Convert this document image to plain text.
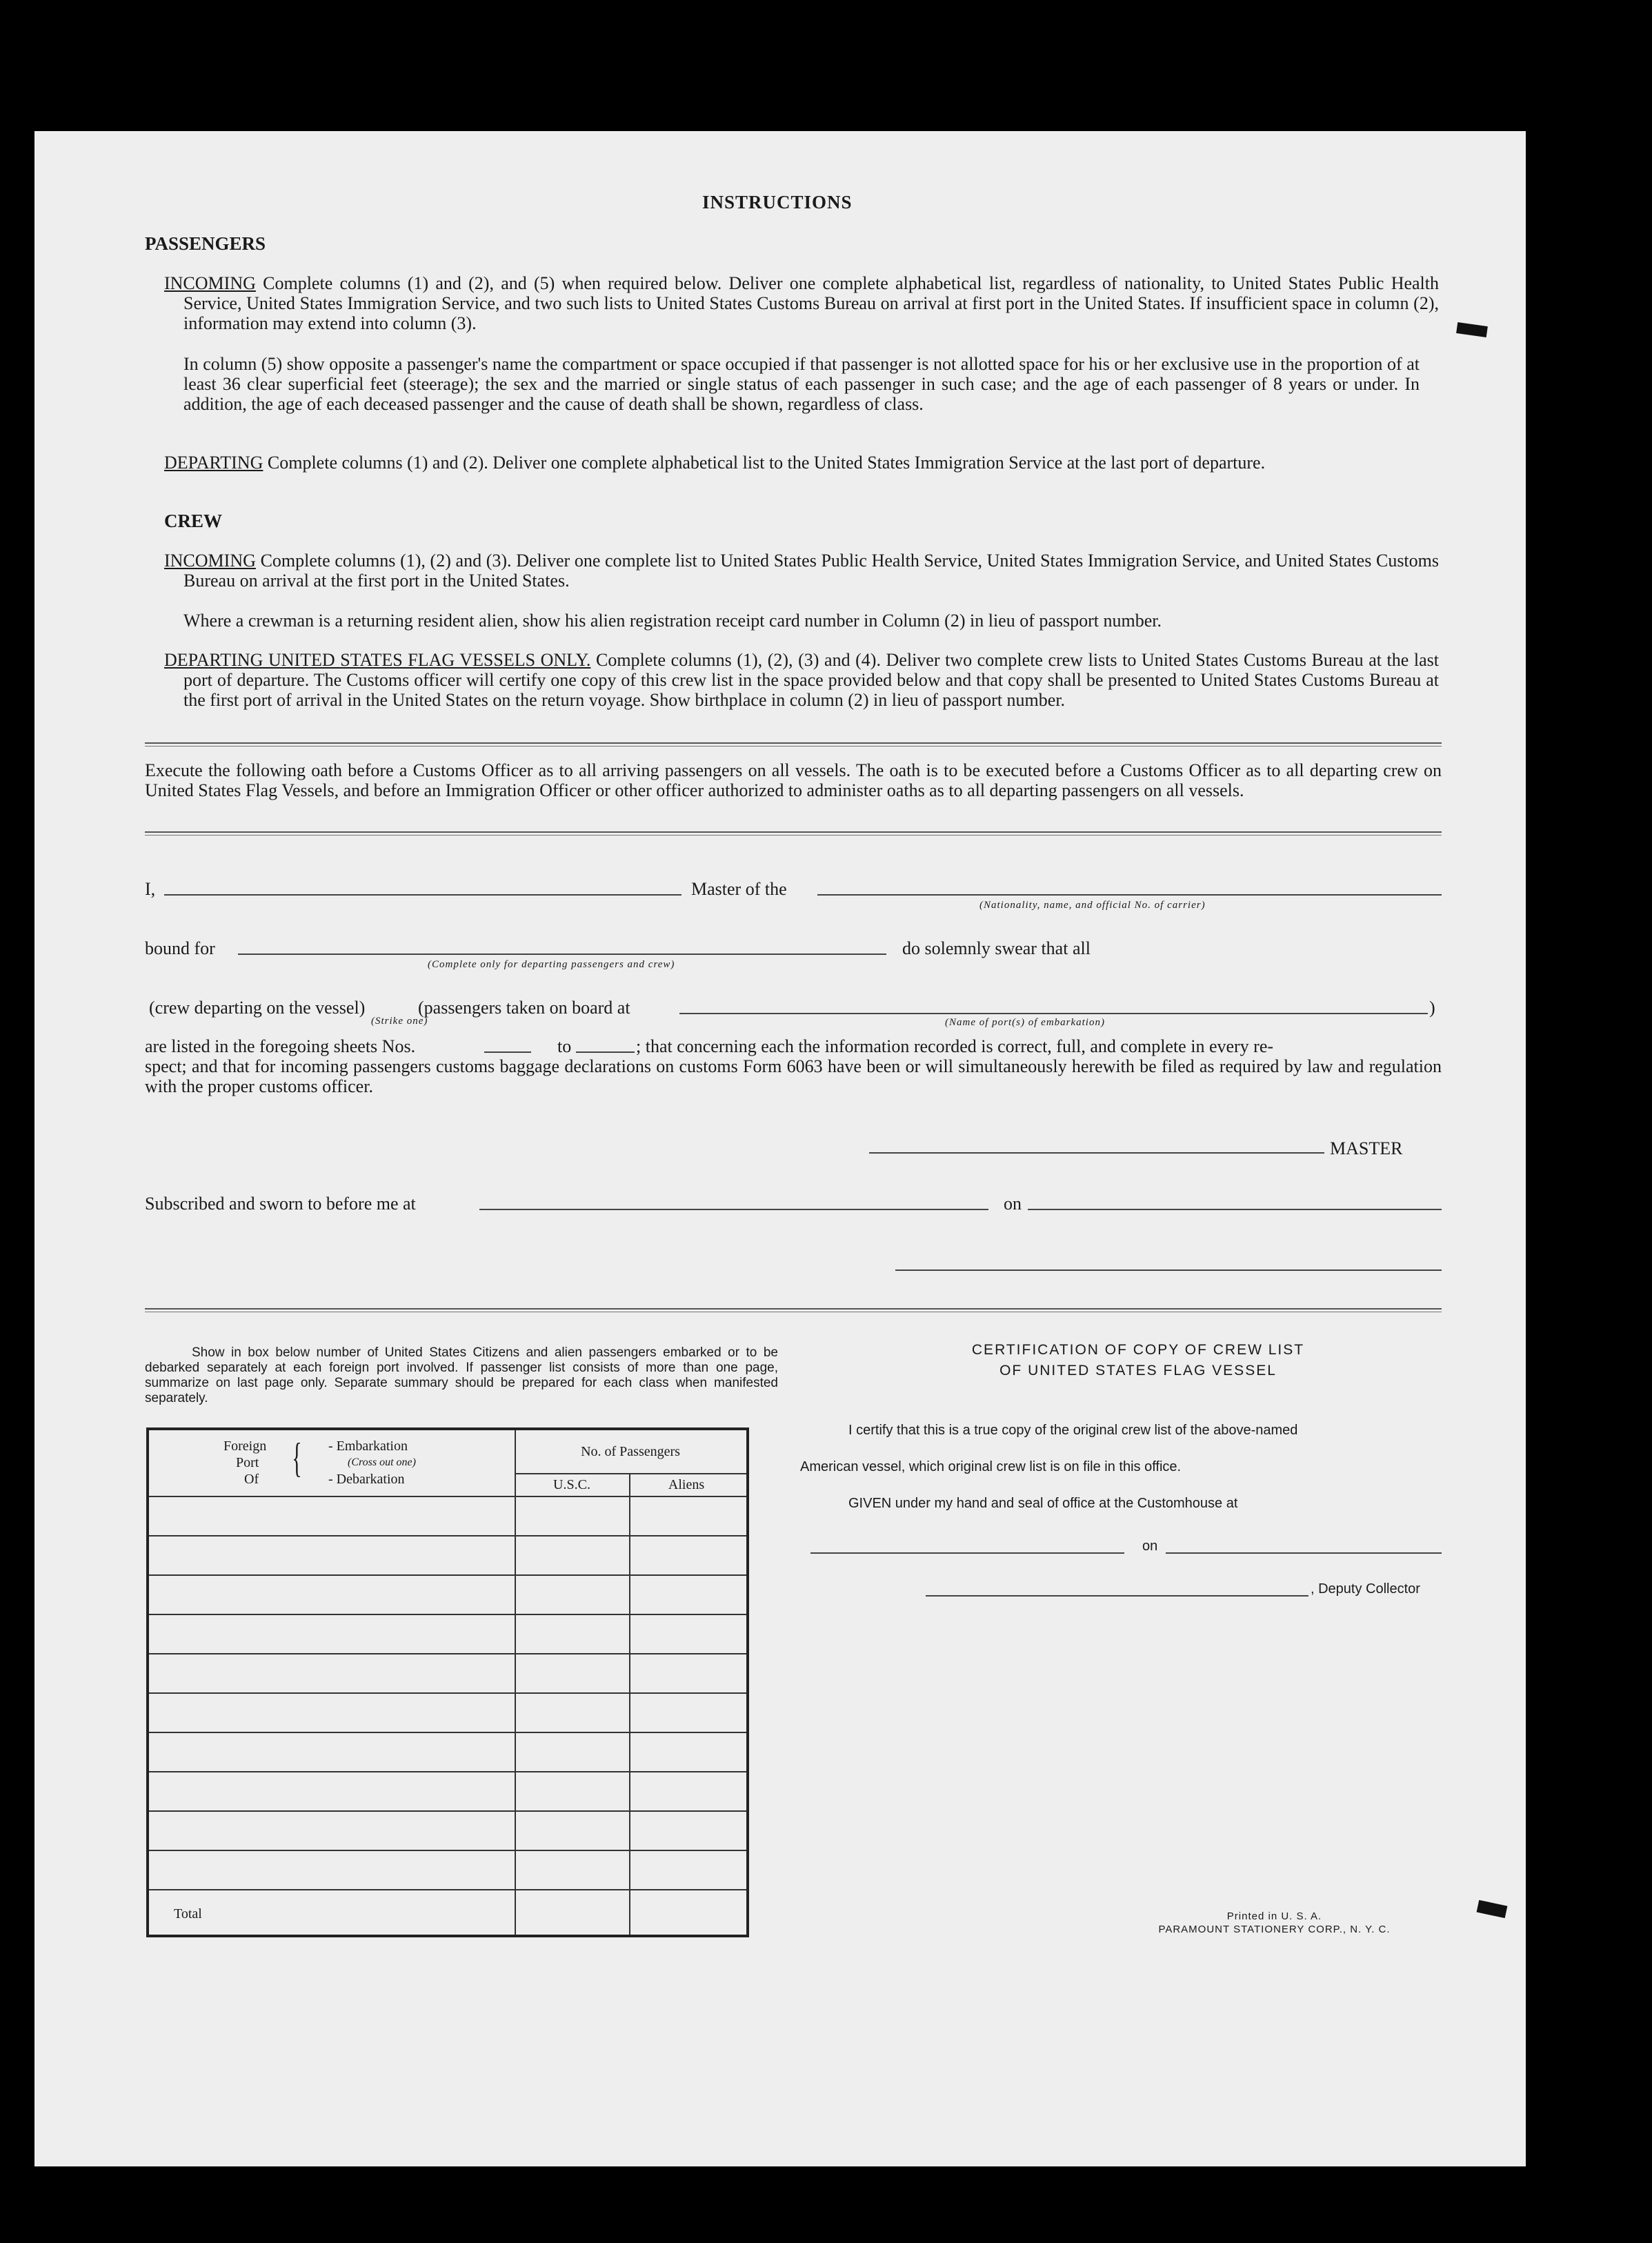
INSTRUCTIONS
PASSENGERS
INCOMING Complete columns (1) and (2), and (5) when required below. Deliver one complete alphabetical list, regardless of nationality, to United States Public Health Service, United States Immigration Service, and two such lists to United States Customs Bureau on arrival at first port in the United States. If insufficient space in column (2), information may extend into column (3).
In column (5) show opposite a passenger's name the compartment or space occupied if that passenger is not allotted space for his or her exclusive use in the proportion of at least 36 clear superficial feet (steerage); the sex and the married or single status of each passenger in such case; and the age of each passenger of 8 years or under. In addition, the age of each deceased passenger and the cause of death shall be shown, regardless of class.
DEPARTING Complete columns (1) and (2). Deliver one complete alphabetical list to the United States Immigration Service at the last port of departure.
CREW
INCOMING Complete columns (1), (2) and (3). Deliver one complete list to United States Public Health Service, United States Immigration Service, and United States Customs Bureau on arrival at the first port in the United States.
Where a crewman is a returning resident alien, show his alien registration receipt card number in Column (2) in lieu of passport number.
DEPARTING UNITED STATES FLAG VESSELS ONLY. Complete columns (1), (2), (3) and (4). Deliver two complete crew lists to United States Customs Bureau at the last port of departure. The Customs officer will certify one copy of this crew list in the space provided below and that copy shall be presented to United States Customs Bureau at the first port of arrival in the United States on the return voyage. Show birthplace in column (2) in lieu of passport number.
Execute the following oath before a Customs Officer as to all arriving passengers on all vessels. The oath is to be executed before a Customs Officer as to all departing crew on United States Flag Vessels, and before an Immigration Officer or other officer authorized to administer oaths as to all departing passengers on all vessels.
I,	Master of the
(Nationality, name, and official No. of carrier)
bound for
(Complete only for departing passengers and crew)
do solemnly swear that all
(crew departing on the vessel)	(passengers taken on board at	)
(Strike one)	(Name of port(s) of embarkation)
are listed in the foregoing sheets Nos.	to	; that concerning each the information recorded is correct, full, and complete in every re-
spect; and that for incoming passengers customs baggage declarations on customs Form 6063 have been or will simultaneously herewith be filed as required by law and regulation with the proper customs officer.
MASTER
Subscribed and sworn to before me at	on
Show in box below number of United States Citizens and alien passengers embarked or to be debarked separately at each foreign port involved. If passenger list consists of more than one page, summarize on last page only. Separate summary should be prepared for each class when manifested separately.
Foreign
Port
Of { - Embarkation
(Cross out one)
- Debarkation
No. of Passengers
U.S.C.	Aliens
Total
CERTIFICATION OF COPY OF CREW LIST
OF UNITED STATES FLAG VESSEL
I certify that this is a true copy of the original crew list of the above-named
American vessel, which original crew list is on file in this office.
GIVEN under my hand and seal of office at the Customhouse at
on
, Deputy Collector
Printed in U. S. A.
PARAMOUNT STATIONERY CORP., N. Y. C.
